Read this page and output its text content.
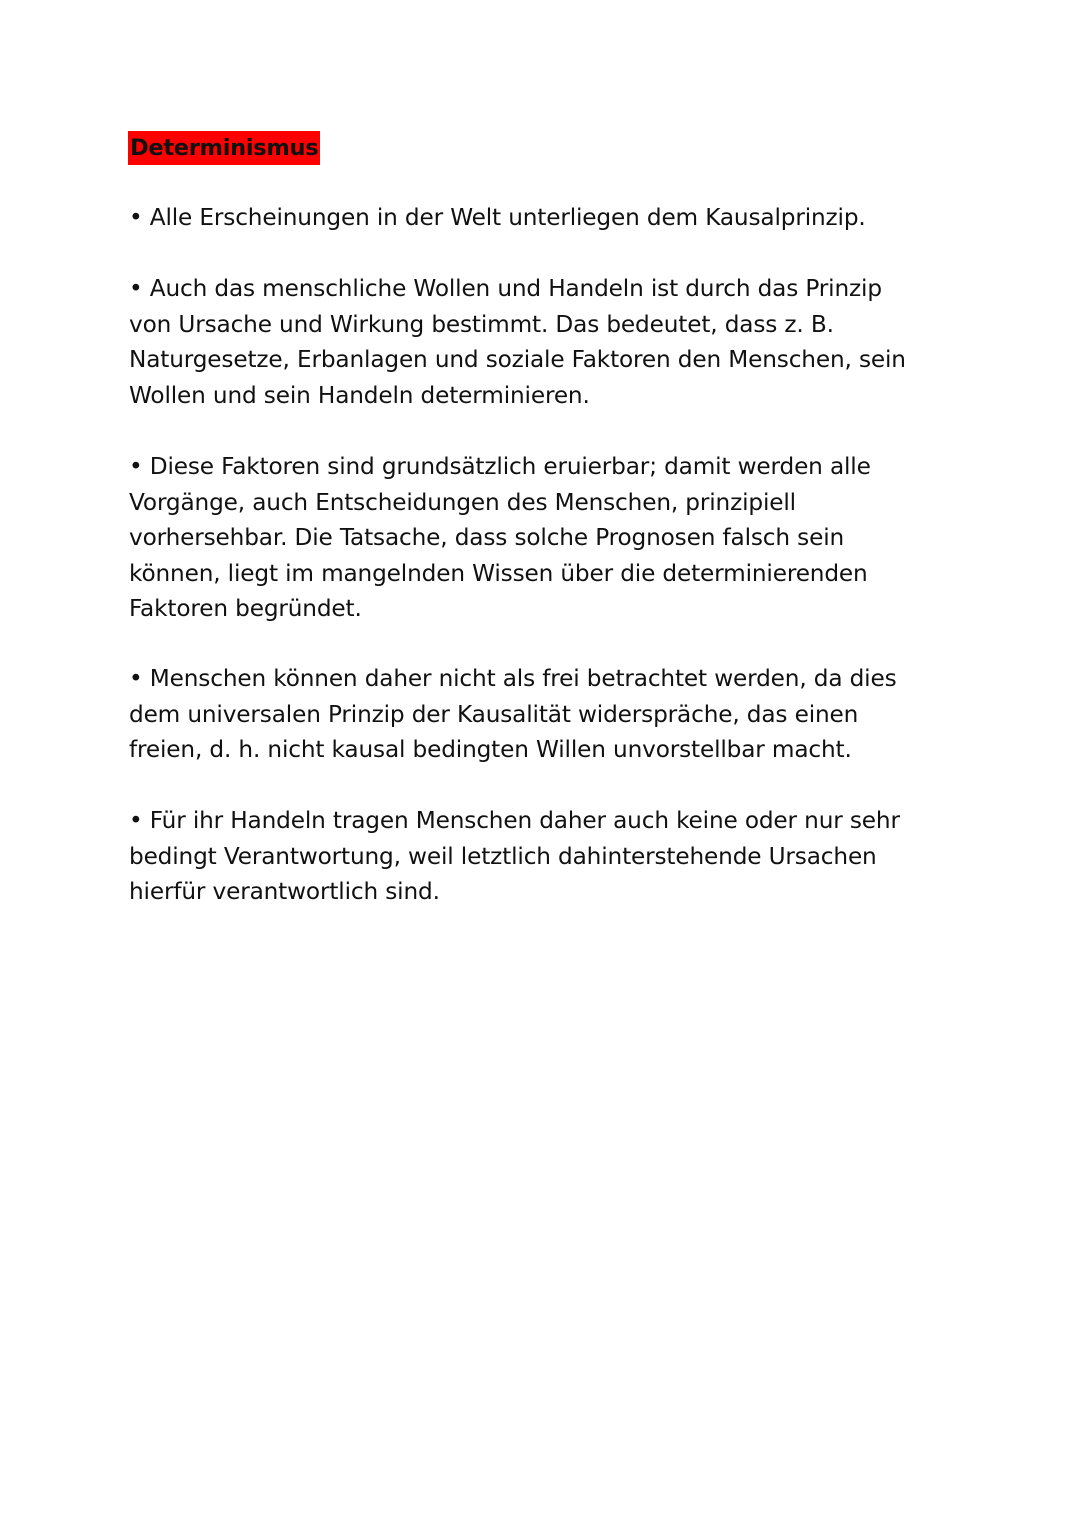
Determinismus

• Alle Erscheinungen in der Welt unterliegen dem Kausalprinzip.

• Auch das menschliche Wollen und Handeln ist durch das Prinzip
von Ursache und Wirkung bestimmt. Das bedeutet, dass z. B.
Naturgesetze, Erbanlagen und soziale Faktoren den Menschen, sein
Wollen und sein Handeln determinieren.

• Diese Faktoren sind grundsätzlich eruierbar; damit werden alle
Vorgänge, auch Entscheidungen des Menschen, prinzipiell
vorhersehbar. Die Tatsache, dass solche Prognosen falsch sein
können, liegt im mangelnden Wissen über die determinierenden
Faktoren begründet.

• Menschen können daher nicht als frei betrachtet werden, da dies
dem universalen Prinzip der Kausalität widerspräche, das einen
freien, d. h. nicht kausal bedingten Willen unvorstellbar macht.

• Für ihr Handeln tragen Menschen daher auch keine oder nur sehr
bedingt Verantwortung, weil letztlich dahinterstehende Ursachen
hierfür verantwortlich sind.
